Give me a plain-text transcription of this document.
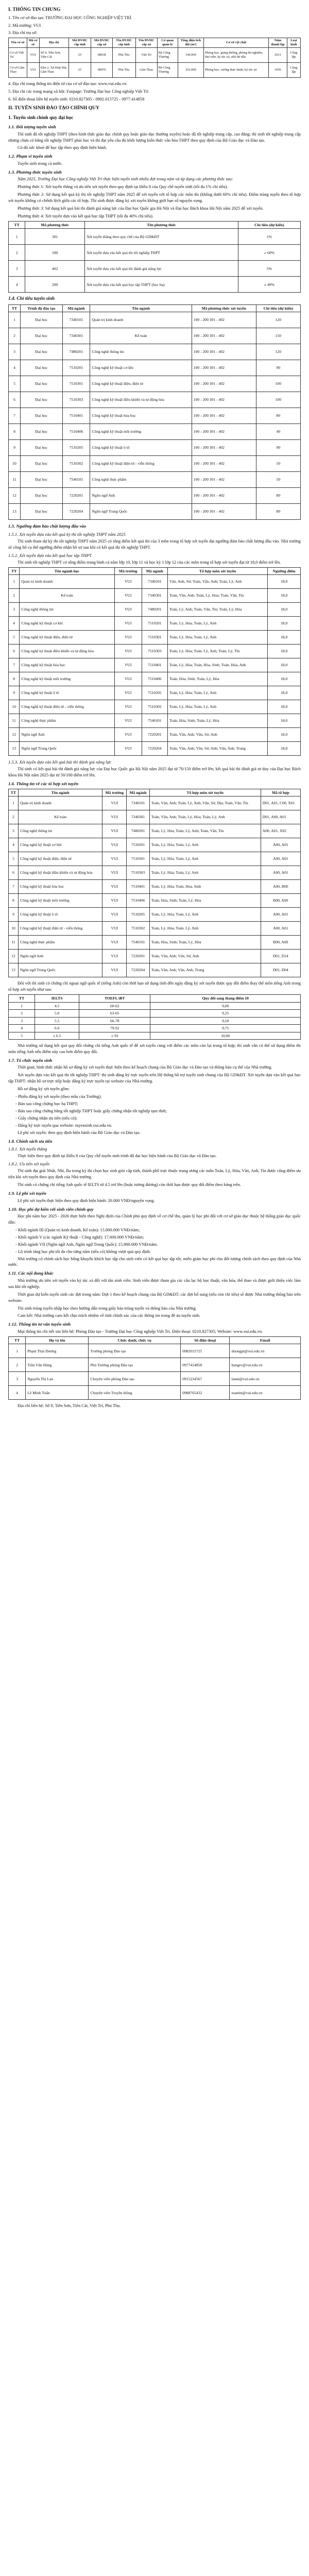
I. THÔNG TIN CHUNG

1. Tên cơ sở đào tạo: TRƯỜNG ĐẠI HỌC CÔNG NGHIỆP VIỆT TRÌ

2. Mã trường: VUI

3. Địa chỉ trụ sở:

Tên cơ sở	Mã cơ sở	Địa chỉ	Mã ĐVHC cấp tỉnh	Mã ĐVHC cấp xã	Tên ĐVHC cấp tỉnh	Tên ĐVHC cấp xã	Cơ quan quản lý	Tổng diện tích đất (m²)	Cơ sở vật chất	Năm thành lập	Loại hình
Cơ sở Việt Trì	VUI	Số 9, Tiên Sơn, Tiên Cát	25	08038	Phú Thọ	Việt Trì	Bộ Công Thương	146.000	Phòng học, giảng đường, phòng thí nghiệm, thư viện, ký túc xá, nhà thi đấu	2011	Công lập
Cơ sở Lâm Thao	VUI	Khu 2, Xã Hợp Hải, Lâm Thao	25	08476	Phú Thọ	Lâm Thao	Bộ Công Thương	252.000	Phòng học, xưởng thực hành, ký túc xá	1956	Công lập

4. Địa chỉ trang thông tin điện tử của cơ sở đào tạo: www.vui.edu.vn

5. Địa chỉ các trang mạng xã hội: Fanpage: Trường Đại học Công nghiệp Việt Trì

6. Số điện thoại liên hệ tuyển sinh: 0210.827305 - 0982.015725 - 0977.414858

II. TUYỂN SINH ĐÀO TẠO CHÍNH QUY
1. Tuyển sinh chính quy đại học
1.1. Đối tượng tuyển sinh

Thí sinh đã tốt nghiệp THPT (theo hình thức giáo dục chính quy hoặc giáo dục thường xuyên) hoặc đã tốt nghiệp trung cấp, cao đẳng; thí sinh tốt nghiệp trung cấp nhưng chưa có bằng tốt nghiệp THPT phải học và thi đạt yêu cầu đủ khối lượng kiến thức văn hóa THPT theo quy định của Bộ Giáo dục và Đào tạo.

Có đủ sức khoẻ để học tập theo quy định hiện hành.

1.2. Phạm vi tuyển sinh

Tuyển sinh trong cả nước.

1.3. Phương thức tuyển sinh

Năm 2025, Trường Đại học Công nghiệp Việt Trì thực hiện tuyển sinh nhiều đợt trong năm và áp dụng các phương thức sau:

Phương thức 1: Xét tuyển thẳng và ưu tiên xét tuyển theo quy định tại Điều 8 của Quy chế tuyển sinh (tối đa 1% chỉ tiêu).

Phương thức 2: Sử dụng kết quả kỳ thi tốt nghiệp THPT năm 2025 để xét tuyển với tổ hợp các môn thi (không dưới 60% chỉ tiêu). Điểm trúng tuyển theo tổ hợp xét tuyển không có chênh lệch giữa các tổ hợp. Thí sinh được đăng ký xét tuyển không giới hạn số nguyện vọng.

Phương thức 3: Sử dụng kết quả bài thi đánh giá năng lực của Đại học Quốc gia Hà Nội và Đại học Bách khoa Hà Nội năm 2025 để xét tuyển.

Phương thức 4: Xét tuyển dựa vào kết quả học tập THPT (tối đa 40% chỉ tiêu).

TT	Mã phương thức	Tên phương thức	Chỉ tiêu (dự kiến)
1	301	Xét tuyển thẳng theo quy chế của Bộ GD&ĐT	1%
2	100	Xét tuyển dựa vào kết quả thi tốt nghiệp THPT	≥ 60%
3	402	Xét tuyển dựa vào kết quả thi đánh giá năng lực	5%
4	200	Xét tuyển dựa vào kết quả học tập THPT (học bạ)	≤ 40%
1.4. Chỉ tiêu tuyển sinh
TT	Trình độ đào tạo	Mã ngành	Tên ngành	Mã phương thức xét tuyển	Chỉ tiêu (dự kiến)
1	Đại học	7340101	Quản trị kinh doanh	100 - 200 301 - 402	120
2	Đại học	7340301	Kế toán	100 - 200 301 - 402	150
3	Đại học	7480201	Công nghệ thông tin	100 - 200 301 - 402	120
4	Đại học	7510201	Công nghệ kỹ thuật cơ khí	100 - 200 301 - 402	90
5	Đại học	7510301	Công nghệ kỹ thuật điện, điện tử	100 - 200 301 - 402	100
6	Đại học	7510303	Công nghệ kỹ thuật điều khiển và tự động hóa	100 - 200 301 - 402	100
7	Đại học	7510401	Công nghệ kỹ thuật hóa học	100 - 200 301 - 402	80
8	Đại học	7510406	Công nghệ kỹ thuật môi trường	100 - 200 301 - 402	40
9	Đại học	7510205	Công nghệ kỹ thuật ô tô	100 - 200 301 - 402	90
10	Đại học	7510302	Công nghệ kỹ thuật điện tử - viễn thông	100 - 200 301 - 402	50
11	Đại học	7540101	Công nghệ thực phẩm	100 - 200 301 - 402	50
12	Đại học	7220201	Ngôn ngữ Anh	100 - 200 301 - 402	80
13	Đại học	7220204	Ngôn ngữ Trung Quốc	100 - 200 301 - 402	80
1.5. Ngưỡng đảm bảo chất lượng đầu vào
1.5.1. Xét tuyển dựa vào kết quả kỳ thi tốt nghiệp THPT năm 2025

Thí sinh tham dự kỳ thi tốt nghiệp THPT năm 2025 có tổng điểm kết quả thi của 3 môn trong tổ hợp xét tuyển đạt ngưỡng đảm bảo chất lượng đầu vào. Nhà trường sẽ công bố cụ thể ngưỡng điểm nhận hồ sơ sau khi có kết quả thi tốt nghiệp THPT.

1.5.2. Xét tuyển dựa vào kết quả học tập THPT

Thí sinh tốt nghiệp THPT có tổng điểm trung bình cả năm lớp 10, lớp 11 và học kỳ 1 lớp 12 của các môn trong tổ hợp xét tuyển đạt từ 18,0 điểm trở lên.

TT	Tên ngành học	Mã trường	Mã ngành	Tổ hợp môn xét tuyển	Ngưỡng điểm
1	Quản trị kinh doanh	VUI	7340101	Văn, Anh, Sử; Toán, Văn, Anh; Toán, Lý, Anh	18,0
2	Kế toán	VUI	7340301	Toán, Văn, Anh; Toán, Lý, Hóa; Toán, Văn, Tin	18,0
3	Công nghệ thông tin	VUI	7480201	Toán, Lý, Anh; Toán, Văn, Tin; Toán, Lý, Hóa	18,0
4	Công nghệ kỹ thuật cơ khí	VUI	7510201	Toán, Lý, Hóa; Toán, Lý, Anh	18,0
5	Công nghệ kỹ thuật điện, điện tử	VUI	7510301	Toán, Lý, Hóa; Toán, Lý, Anh	18,0
6	Công nghệ kỹ thuật điều khiển và tự động hóa	VUI	7510303	Toán, Lý, Hóa; Toán, Lý, Anh; Toán, Lý, Tin	18,0
7	Công nghệ kỹ thuật hóa học	VUI	7510401	Toán, Lý, Hóa; Toán, Hóa, Sinh; Toán, Hóa, Anh	18,0
8	Công nghệ kỹ thuật môi trường	VUI	7510406	Toán, Hóa, Sinh; Toán, Lý, Hóa	18,0
9	Công nghệ kỹ thuật ô tô	VUI	7510205	Toán, Lý, Hóa; Toán, Lý, Anh	18,0
10	Công nghệ kỹ thuật điện tử - viễn thông	VUI	7510302	Toán, Lý, Hóa; Toán, Lý, Anh	18,0
11	Công nghệ thực phẩm	VUI	7540101	Toán, Hóa, Sinh; Toán, Lý, Hóa	18,0
12	Ngôn ngữ Anh	VUI	7220201	Toán, Văn, Anh; Văn, Sử, Anh	18,0
13	Ngôn ngữ Trung Quốc	VUI	7220204	Toán, Văn, Anh; Văn, Sử, Anh; Văn, Anh, Trung	18,0
1.5.3. Xét tuyển dựa vào kết quả bài thi đánh giá năng lực

Thí sinh có kết quả bài thi đánh giá năng lực của Đại học Quốc gia Hà Nội năm 2025 đạt từ 70/150 điểm trở lên; kết quả bài thi đánh giá tư duy của Đại học Bách khoa Hà Nội năm 2025 đạt từ 50/100 điểm trở lên.

1.6. Thông tin về các tổ hợp xét tuyển
TT	Tên ngành	Mã trường	Mã ngành	Tổ hợp môn xét tuyển	Mã tổ hợp
1	Quản trị kinh doanh	VUI	7340101	Toán, Văn, Anh; Toán, Lý, Anh; Văn, Sử, Địa; Toán, Văn, Tin	D01, A01, C00, X01
2	Kế toán	VUI	7340301	Toán, Văn, Anh; Toán, Lý, Hóa; Toán, Lý, Anh	D01, A00, A01
3	Công nghệ thông tin	VUI	7480201	Toán, Lý, Hóa; Toán, Lý, Anh; Toán, Văn, Tin	A00, A01, X02
4	Công nghệ kỹ thuật cơ khí	VUI	7510201	Toán, Lý, Hóa; Toán, Lý, Anh	A00, A01
5	Công nghệ kỹ thuật điện, điện tử	VUI	7510301	Toán, Lý, Hóa; Toán, Lý, Anh	A00, A01
6	Công nghệ kỹ thuật điều khiển và tự động hóa	VUI	7510303	Toán, Lý, Hóa; Toán, Lý, Anh	A00, A01
7	Công nghệ kỹ thuật hóa học	VUI	7510401	Toán, Lý, Hóa; Toán, Hóa, Sinh	A00, B00
8	Công nghệ kỹ thuật môi trường	VUI	7510406	Toán, Hóa, Sinh; Toán, Lý, Hóa	B00, A00
9	Công nghệ kỹ thuật ô tô	VUI	7510205	Toán, Lý, Hóa; Toán, Lý, Anh	A00, A01
10	Công nghệ kỹ thuật điện tử - viễn thông	VUI	7510302	Toán, Lý, Hóa; Toán, Lý, Anh	A00, A01
11	Công nghệ thực phẩm	VUI	7540101	Toán, Hóa, Sinh; Toán, Lý, Hóa	B00, A00
12	Ngôn ngữ Anh	VUI	7220201	Toán, Văn, Anh; Văn, Sử, Anh	D01, D14
13	Ngôn ngữ Trung Quốc	VUI	7220204	Toán, Văn, Anh; Văn, Anh, Trung	D01, D04

Đối với thí sinh có chứng chỉ ngoại ngữ quốc tế (tiếng Anh) còn thời hạn sử dụng tính đến ngày đăng ký xét tuyển được quy đổi điểm thay thế môn tiếng Anh trong tổ hợp xét tuyển như sau:

TT	IELTS	TOEFL iBT	Quy đổi sang thang điểm 10
1	4.5	60-62	9,00
2	5.0	63-65	9,25
3	5.5	66-78	9,50
4	6.0	79-92	9,75
5	≥ 6.5	≥ 93	10,00

Nhà trường sử dụng kết quả quy đổi chứng chỉ tiếng Anh quốc tế để xét tuyển cùng với điểm các môn còn lại trong tổ hợp; thí sinh vẫn có thể sử dụng điểm thi môn tiếng Anh nếu điểm này cao hơn điểm quy đổi.

1.7. Tổ chức tuyển sinh

Thời gian; hình thức nhận hồ sơ đăng ký xét tuyển thực hiện theo kế hoạch chung của Bộ Giáo dục và Đào tạo và thông báo cụ thể của Nhà trường.

Xét tuyển dựa vào kết quả thi tốt nghiệp THPT: thí sinh đăng ký trực tuyến trên Hệ thống hỗ trợ tuyển sinh chung của Bộ GD&ĐT. Xét tuyển dựa vào kết quả học tập THPT: nhận hồ sơ trực tiếp hoặc đăng ký trực tuyến tại website của Nhà trường.

Hồ sơ đăng ký xét tuyển gồm:

- Phiếu đăng ký xét tuyển (theo mẫu của Trường);

- Bản sao công chứng học bạ THPT;

- Bản sao công chứng bằng tốt nghiệp THPT hoặc giấy chứng nhận tốt nghiệp tạm thời;

- Giấy chứng nhận ưu tiên (nếu có);

- Đăng ký trực tuyến qua website: tuyensinh.vui.edu.vn.

Lệ phí xét tuyển: theo quy định hiện hành của Bộ Giáo dục và Đào tạo.

1.8. Chính sách ưu tiên
1.8.1. Xét tuyển thẳng

Thực hiện theo quy định tại Điều 8 của Quy chế tuyển sinh trình độ đại học hiện hành của Bộ Giáo dục và Đào tạo.

1.8.2. Ưu tiên xét tuyển

Thí sinh đạt giải Nhất, Nhì, Ba trong kỳ thi chọn học sinh giỏi cấp tỉnh, thành phố trực thuộc trung ương các môn Toán, Lý, Hóa, Văn, Anh, Tin được cộng điểm ưu tiên khi xét tuyển theo quy định của Nhà trường.

Thí sinh có chứng chỉ tiếng Anh quốc tế IELTS từ 4.5 trở lên (hoặc tương đương) còn thời hạn được quy đổi điểm theo bảng trên.

1.9. Lệ phí xét tuyển

Lệ phí xét tuyển thực hiện theo quy định hiện hành: 20.000 VNĐ/nguyện vọng.

1.10. Học phí dự kiến với sinh viên chính quy

Học phí năm học 2025 - 2026 thực hiện theo Nghị định của Chính phủ quy định về cơ chế thu, quản lý học phí đối với cơ sở giáo dục thuộc hệ thống giáo dục quốc dân:

- Khối ngành III (Quản trị kinh doanh, Kế toán): 15.800.000 VNĐ/năm;

- Khối ngành V (các ngành Kỹ thuật - Công nghệ): 17.600.000 VNĐ/năm;

- Khối ngành VII (Ngôn ngữ Anh, Ngôn ngữ Trung Quốc): 15.800.000 VNĐ/năm.

- Lộ trình tăng học phí tối đa cho từng năm (nếu có) không vượt quá quy định.

Nhà trường có chính sách học bổng khuyến khích học tập cho sinh viên có kết quả học tập tốt; miễn giảm học phí cho đối tượng chính sách theo quy định của Nhà nước.

1.11. Các nội dung khác

Nhà trường ưu tiên xét tuyển vào ký túc xá đối với tân sinh viên. Sinh viên được tham gia các câu lạc bộ học thuật, văn hóa, thể thao và được giới thiệu việc làm sau khi tốt nghiệp.

Thời gian dự kiến tuyển sinh các đợt trong năm: Đợt 1 theo kế hoạch chung của Bộ GD&ĐT; các đợt bổ sung (nếu còn chỉ tiêu) sẽ được Nhà trường thông báo trên website.

Thí sinh trúng tuyển nhập học theo hướng dẫn trong giấy báo trúng tuyển và thông báo của Nhà trường.

Cam kết: Nhà trường cam kết chịu trách nhiệm về tính chính xác của các thông tin trong đề án tuyển sinh.

1.12. Thông tin tư vấn tuyển sinh

Mọi thông tin chi tiết xin liên hệ: Phòng Đào tạo - Trường Đại học Công nghiệp Việt Trì. Điện thoại: 0210.827305; Website: www.vui.edu.vn.

TT	Họ và tên	Chức danh, chức vụ	Số điện thoại	Email
1	Phạm Thái Dương	Trưởng phòng Đào tạo	0982015725	duongpt@vui.edu.vn
2	Trần Văn Hùng	Phó Trưởng phòng Đào tạo	0977414858	hungtv@vui.edu.vn
3	Nguyễn Thị Lan	Chuyên viên phòng Đào tạo	0915234567	lannt@vui.edu.vn
4	Lê Minh Tuấn	Chuyên viên Truyền thông	0988765432	tuanlm@vui.edu.vn

Địa chỉ liên hệ: Số 9, Tiên Sơn, Tiên Cát, Việt Trì, Phú Thọ.
